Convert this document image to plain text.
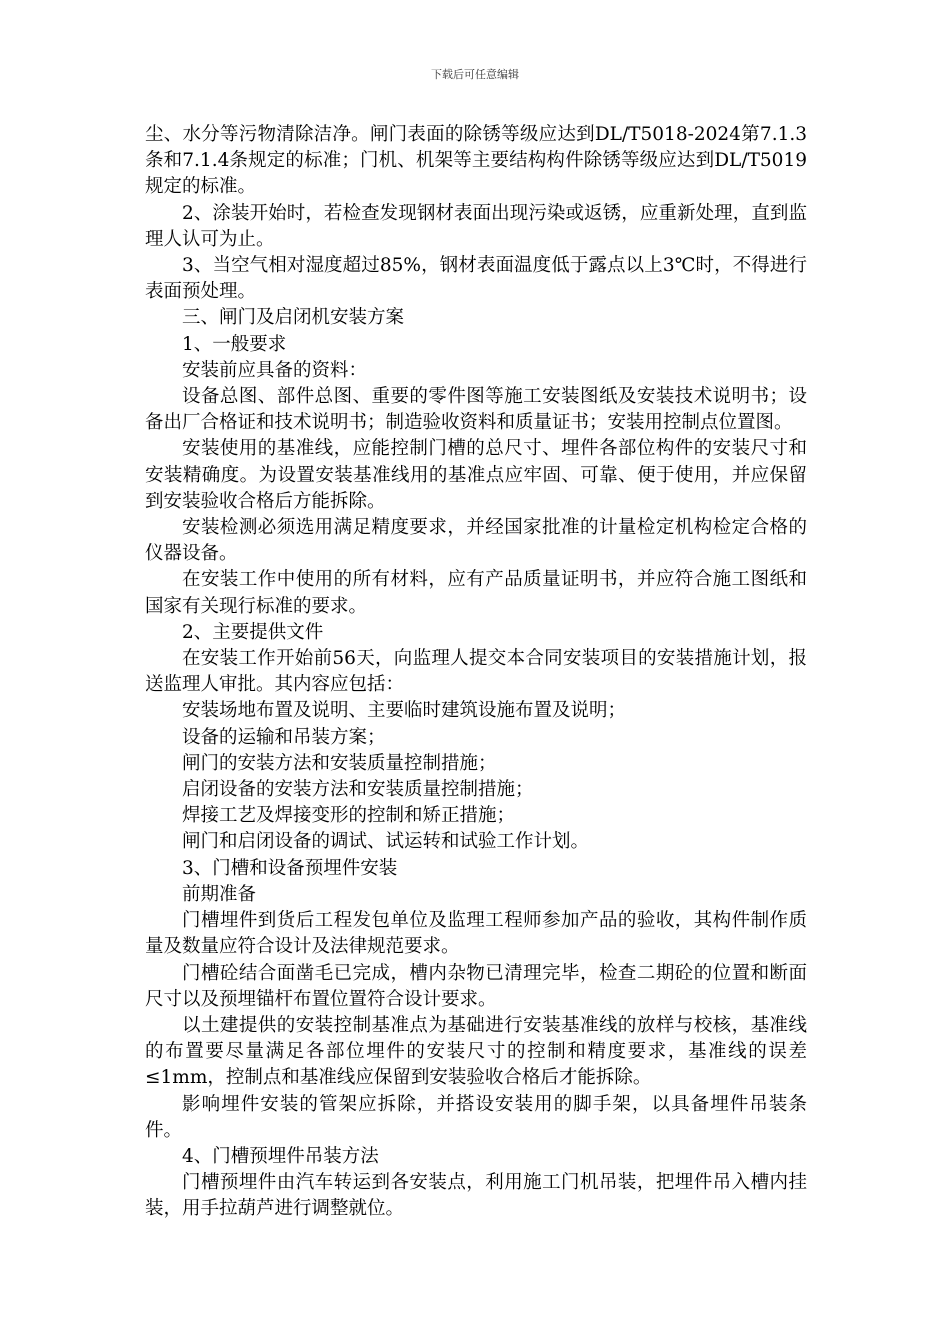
下载后可任意编辑

尘、水分等污物清除洁净。闸门表面的除锈等级应达到DL/T5018-2024第7.1.3条和7.1.4条规定的标准；门机、机架等主要结构构件除锈等级应达到DL/T5019规定的标准。

2、涂装开始时，若检查发现钢材表面出现污染或返锈，应重新处理，直到监理人认可为止。

3、当空气相对湿度超过85%，钢材表面温度低于露点以上3℃时，不得进行表面预处理。

三、闸门及启闭机安装方案

1、一般要求

安装前应具备的资料：

设备总图、部件总图、重要的零件图等施工安装图纸及安装技术说明书；设备出厂合格证和技术说明书；制造验收资料和质量证书；安装用控制点位置图。

安装使用的基准线，应能控制门槽的总尺寸、埋件各部位构件的安装尺寸和安装精确度。为设置安装基准线用的基准点应牢固、可靠、便于使用，并应保留到安装验收合格后方能拆除。

安装检测必须选用满足精度要求，并经国家批准的计量检定机构检定合格的仪器设备。

在安装工作中使用的所有材料，应有产品质量证明书，并应符合施工图纸和国家有关现行标准的要求。

2、主要提供文件

在安装工作开始前56天，向监理人提交本合同安装项目的安装措施计划，报送监理人审批。其内容应包括：

安装场地布置及说明、主要临时建筑设施布置及说明；

设备的运输和吊装方案；

闸门的安装方法和安装质量控制措施；

启闭设备的安装方法和安装质量控制措施；

焊接工艺及焊接变形的控制和矫正措施；

闸门和启闭设备的调试、试运转和试验工作计划。

3、门槽和设备预埋件安装

前期准备

门槽埋件到货后工程发包单位及监理工程师参加产品的验收，其构件制作质量及数量应符合设计及法律规范要求。

门槽砼结合面凿毛已完成，槽内杂物已清理完毕，检查二期砼的位置和断面尺寸以及预埋锚杆布置位置符合设计要求。

以土建提供的安装控制基准点为基础进行安装基准线的放样与校核，基准线的布置要尽量满足各部位埋件的安装尺寸的控制和精度要求，基准线的误差≤1mm，控制点和基准线应保留到安装验收合格后才能拆除。

影响埋件安装的管架应拆除，并搭设安装用的脚手架，以具备埋件吊装条件。

4、门槽预埋件吊装方法

门槽预埋件由汽车转运到各安装点，利用施工门机吊装，把埋件吊入槽内挂装，用手拉葫芦进行调整就位。
